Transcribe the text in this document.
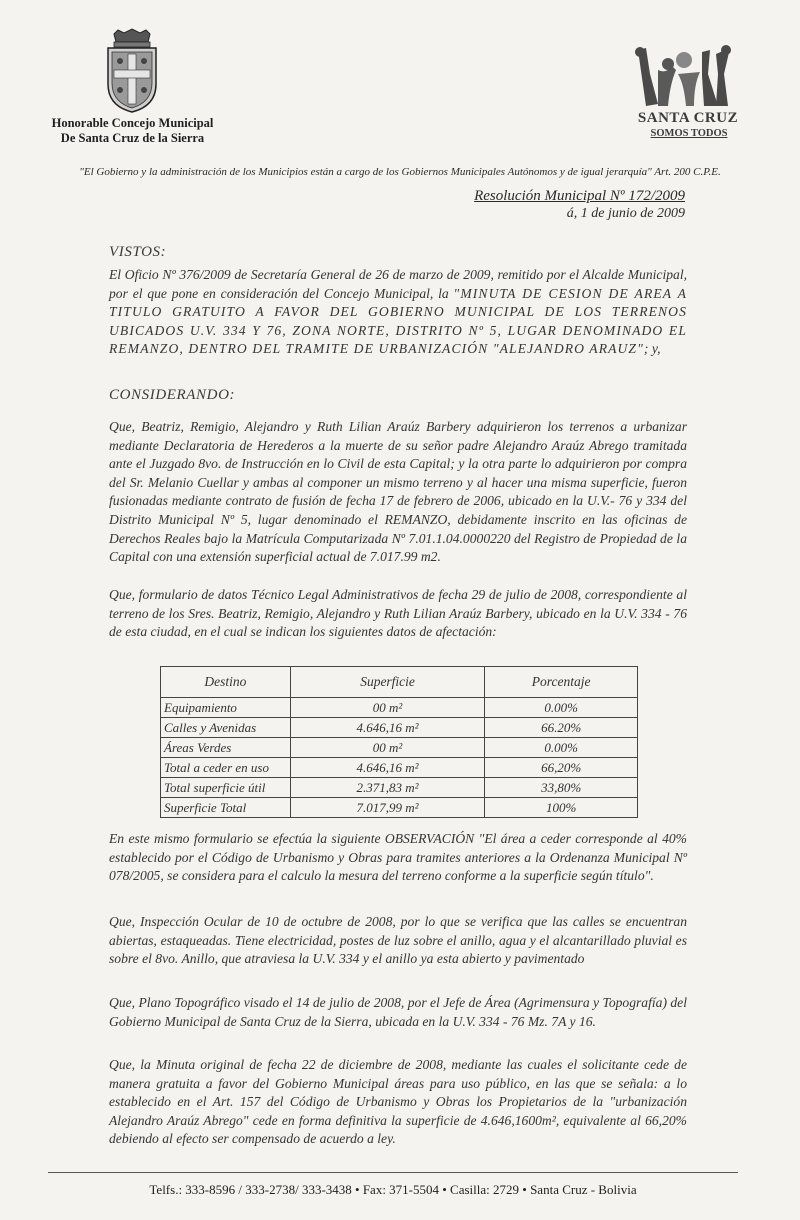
Honorable Concejo Municipal
De Santa Cruz de la Sierra
SANTA CRUZ
SOMOS TODOS
"El Gobierno y la administración de los Municipios están a cargo de los Gobiernos Municipales Autónomos y de igual jerarquía" Art. 200 C.P.E.
Resolución Municipal Nº 172/2009
á, 1 de junio de 2009
VISTOS:
El Oficio Nº 376/2009 de Secretaría General de 26 de marzo de 2009, remitido por el Alcalde Municipal, por el que pone en consideración del Concejo Municipal, la "MINUTA DE CESION DE AREA A TITULO GRATUITO A FAVOR DEL GOBIERNO MUNICIPAL DE LOS TERRENOS UBICADOS U.V. 334 Y 76, ZONA NORTE, DISTRITO Nº 5, LUGAR DENOMINADO EL REMANZO, DENTRO DEL TRAMITE DE URBANIZACIÓN "ALEJANDRO ARAUZ"; y,
CONSIDERANDO:
Que, Beatriz, Remigio, Alejandro y Ruth Lilian Araúz Barbery adquirieron los terrenos a urbanizar mediante Declaratoria de Herederos a la muerte de su señor padre Alejandro Araúz Abrego tramitada ante el Juzgado 8vo. de Instrucción en lo Civil de esta Capital; y la otra parte lo adquirieron por compra del Sr. Melanio Cuellar y ambas al componer un mismo terreno y al hacer una misma superficie, fueron fusionadas mediante contrato de fusión de fecha 17 de febrero de 2006, ubicado en la U.V.- 76 y 334 del Distrito Municipal Nº 5, lugar denominado el REMANZO, debidamente inscrito en las oficinas de Derechos Reales bajo la Matrícula Computarizada Nº 7.01.1.04.0000220 del Registro de Propiedad de la Capital con una extensión superficial actual de 7.017.99 m2.
Que, formulario de datos Técnico Legal Administrativos de fecha 29 de julio de 2008, correspondiente al terreno de los Sres. Beatriz, Remigio, Alejandro y Ruth Lilian Araúz Barbery, ubicado en la U.V. 334 - 76 de esta ciudad, en el cual se indican los siguientes datos de afectación:
Destino	Superficie	Porcentaje
Equipamiento	00 m²	0.00%
Calles y Avenidas	4.646,16 m²	66.20%
Áreas Verdes	00 m²	0.00%
Total a ceder en uso	4.646,16 m²	66,20%
Total superficie útil	2.371,83 m²	33,80%
Superficie Total	7.017,99 m²	100%
En este mismo formulario se efectúa la siguiente OBSERVACIÓN "El área a ceder corresponde al 40% establecido por el Código de Urbanismo y Obras para tramites anteriores a la Ordenanza Municipal Nº 078/2005, se considera para el calculo la mesura del terreno conforme a la superficie según título".
Que, Inspección Ocular de 10 de octubre de 2008, por lo que se verifica que las calles se encuentran abiertas, estaqueadas. Tiene electricidad, postes de luz sobre el anillo, agua y el alcantarillado pluvial es sobre el 8vo. Anillo, que atraviesa la U.V. 334 y el anillo ya esta abierto y pavimentado
Que, Plano Topográfico visado el 14 de julio de 2008, por el Jefe de Área (Agrimensura y Topografía) del Gobierno Municipal de Santa Cruz de la Sierra, ubicada en la U.V. 334 - 76 Mz. 7A y 16.
Que, la Minuta original de fecha 22 de diciembre de 2008, mediante las cuales el solicitante cede de manera gratuita a favor del Gobierno Municipal áreas para uso público, en las que se señala: a lo establecido en el Art. 157 del Código de Urbanismo y Obras los Propietarios de la "urbanización Alejandro Araúz Abrego" cede en forma definitiva la superficie de 4.646,1600m², equivalente al 66,20% debiendo al efecto ser compensado de acuerdo a ley.
Telfs.: 333-8596 / 333-2738/ 333-3438 • Fax: 371-5504 • Casilla: 2729 • Santa Cruz - Bolivia
